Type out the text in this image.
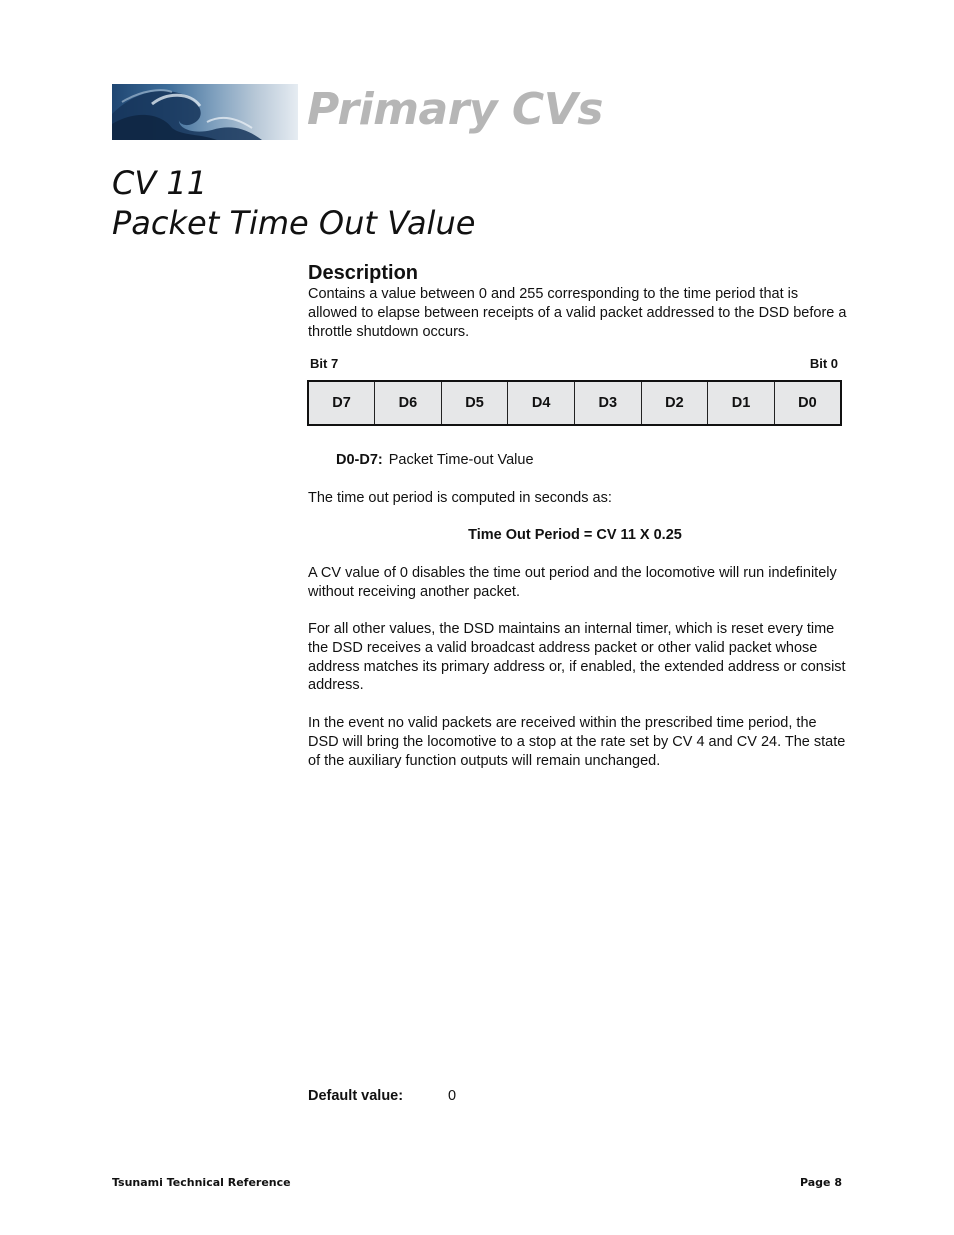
Primary CVs
CV 11
Packet Time Out Value
Description

Contains a value between 0 and 255 corresponding to the time period that is allowed to elapse between receipts of a valid packet addressed to the DSD before a throttle shutdown occurs.

Bit 7	Bit 0
D7	D6	D5	D4	D3	D2	D1	D0
D0-D7: Packet Time-out Value

The time out period is computed in seconds as:

Time Out Period = CV 11 X 0.25

A CV value of 0 disables the time out period and the locomotive will run indefinitely without receiving another packet.

For all other values, the DSD maintains an internal timer, which is reset every time the DSD receives a valid broadcast address packet or other valid packet whose address matches its primary address or, if enabled, the extended address or consist address.

In the event no valid packets are received within the prescribed time period, the DSD will bring the locomotive to a stop at the rate set by CV 4 and CV 24. The state of the auxiliary function outputs will remain unchanged.

Default value:	0
Tsunami Technical Reference	Page 8
